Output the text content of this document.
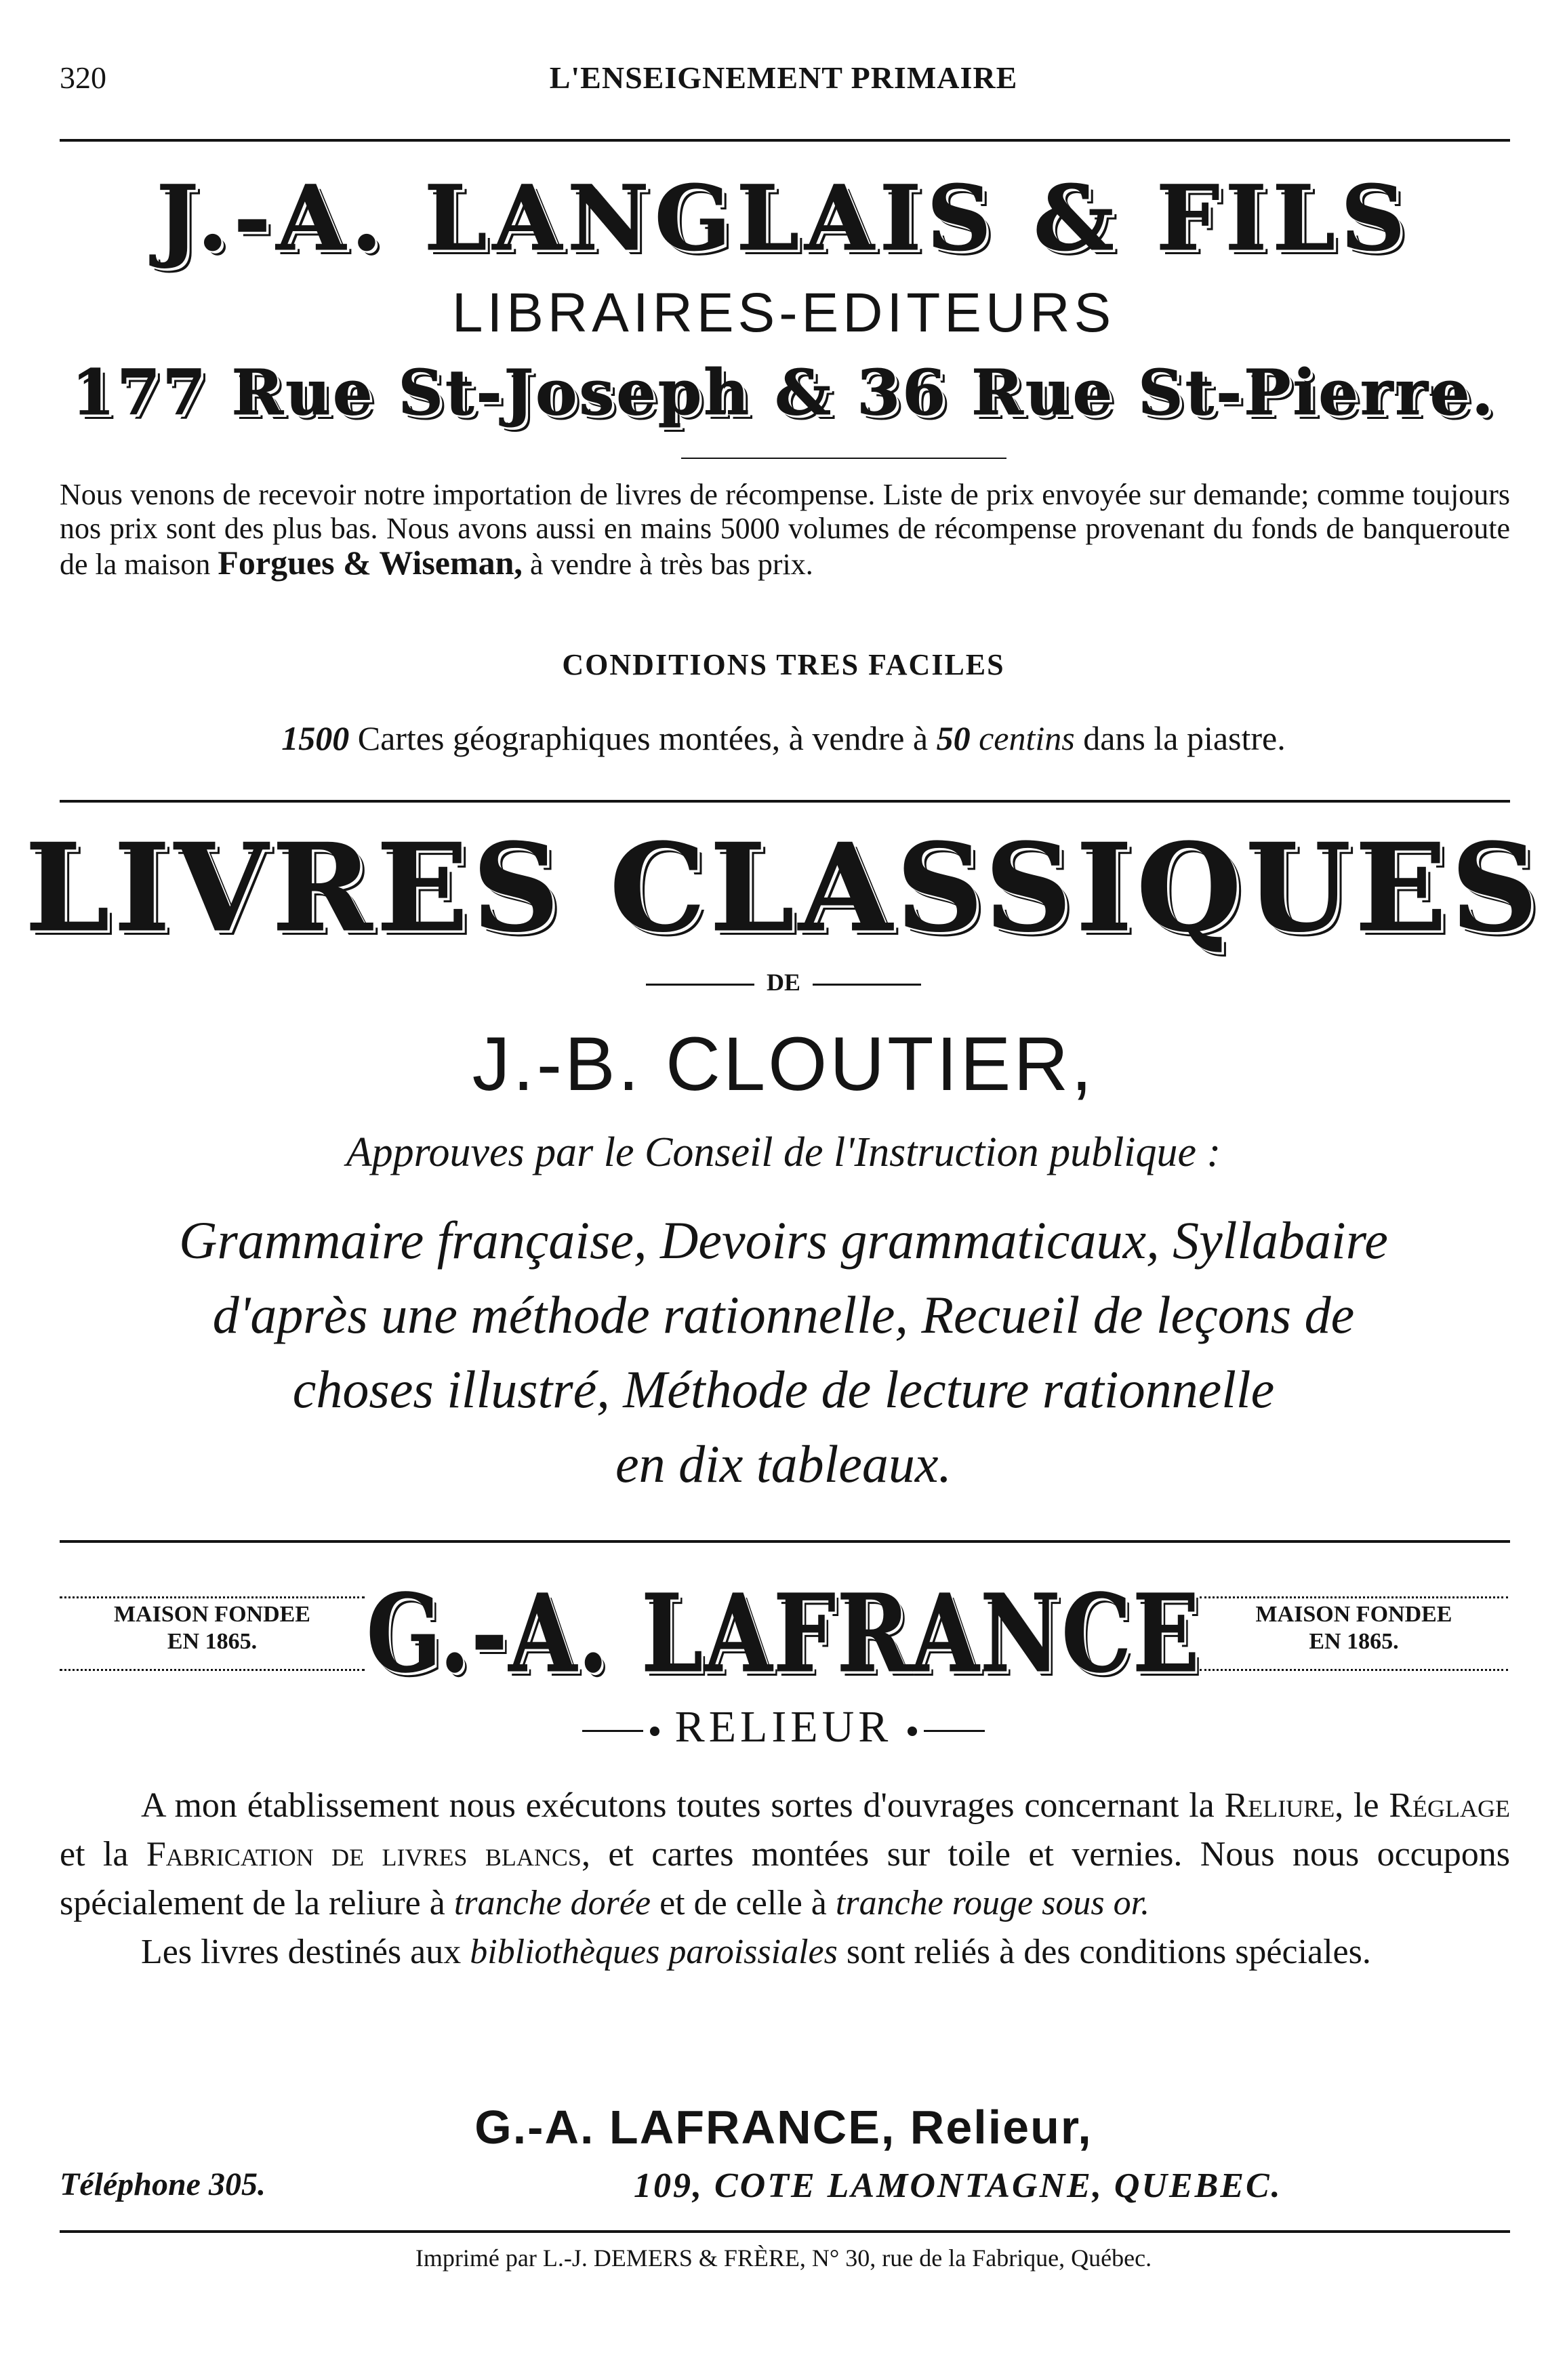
320	L'ENSEIGNEMENT PRIMAIRE
J.-A. LANGLAIS & FILS
LIBRAIRES-EDITEURS
177 Rue St-Joseph & 36 Rue St-Pierre.

Nous venons de recevoir notre importation de livres de récompense. Liste de prix envoyée sur demande; comme toujours nos prix sont des plus bas. Nous avons aussi en mains 5000 volumes de récompense provenant du fonds de banqueroute de la maison Forgues & Wiseman, à vendre à très bas prix.

CONDITIONS TRES FACILES
1500 Cartes géographiques montées, à vendre à 50 centins dans la piastre.
LIVRES CLASSIQUES
DE
J.-B. CLOUTIER,
Approuves par le Conseil de l'Instruction publique :
Grammaire française, Devoirs grammaticaux, Syllabaire
d'après une méthode rationnelle, Recueil de leçons de
choses illustré, Méthode de lecture rationnelle
en dix tableaux.
MAISON FONDEE
EN 1865.	G.-A. LAFRANCE	MAISON FONDEE
EN 1865.
RELIEUR

A mon établissement nous exécutons toutes sortes d'ouvrages concernant la Reliure, le Réglage et la Fabrication de livres blancs, et cartes montées sur toile et vernies. Nous nous occupons spécialement de la reliure à tranche dorée et de celle à tranche rouge sous or.

Les livres destinés aux bibliothèques paroissiales sont reliés à des conditions spéciales.

G.-A. LAFRANCE, Relieur,
Téléphone 305.	109, COTE LAMONTAGNE, QUEBEC.
Imprimé par L.-J. DEMERS & FRÈRE, N° 30, rue de la Fabrique, Québec.
